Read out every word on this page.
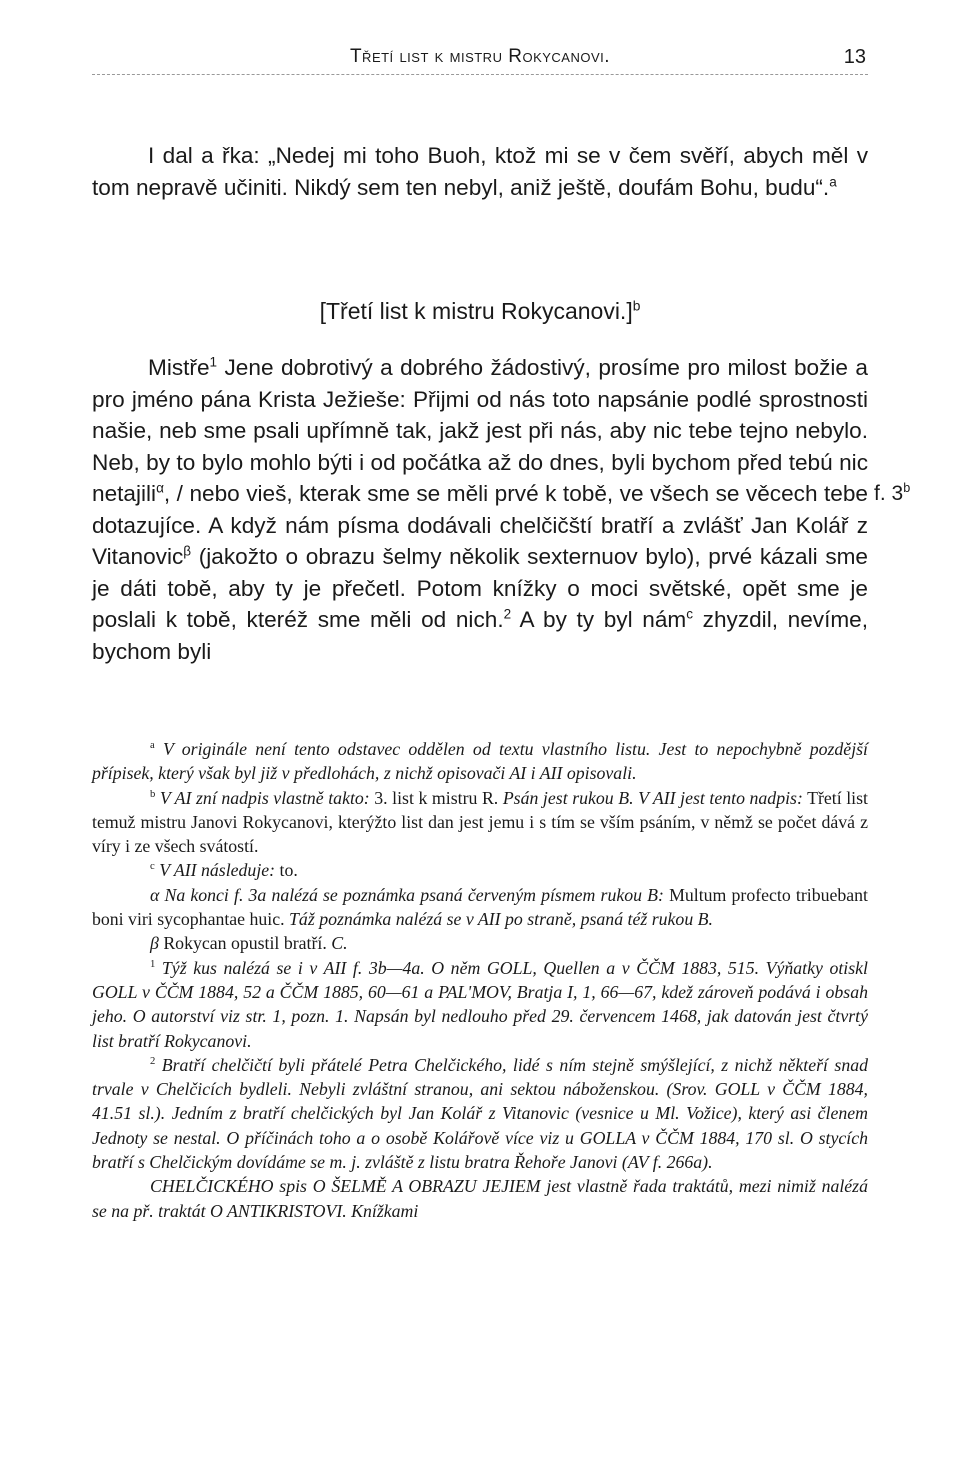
Třetí list k mistru Rokycanovi.	13
I dal a řka: „Nedej mi toho Buoh, ktož mi se v čem svěří, abych měl v tom nepravě učiniti. Nikdý sem ten nebyl, aniž ještě, doufám Bohu, budu“.$^a$
[Třetí list k mistru Rokycanovi.]$^b$
Mistře$^1$ Jene dobrotivý a dobrého žádostivý, prosíme pro milost božie a pro jméno pána Krista Ježieše: Přijmi od nás toto napsánie podlé sprostnosti našie, neb sme psali upřímně tak, jakž jest při nás, aby nic tebe tejno nebylo. Neb, by to bylo mohlo býti i od počátka až do dnes, byli bychom před tebú nic netajili$^\alpha$, / nebo vieš, kterak sme se měli prvé k tobě, ve všech se věcech tebe dotazujíce. A když nám písma dodávali chelčičští bratří a zvlášť Jan Kolář z Vitanovic$^\beta$ (jakožto o obrazu šelmy několik sexternuov bylo), prvé kázali sme je dáti tobě, aby ty je přečetl. Potom knížky o moci světské, opět sme je poslali k tobě, kteréž sme měli od nich.$^2$ A by ty byl nám$^c$ zhyzdil, nevíme, bychom byli
f. 3$^b$

$^a$ V originále není tento odstavec oddělen od textu vlastního listu. Jest to nepochybně pozdější přípisek, který však byl již v předlohách, z nichž opisovači AI i AII opisovali.

$^b$ V AI zní nadpis vlastně takto: 3. list k mistru R. Psán jest rukou B. V AII jest tento nadpis: Třetí list temuž mistru Janovi Rokycanovi, kterýžto list dan jest jemu i s tím se vším psáním, v němž se počet dává z víry i ze všech svátostí.

$^c$ V AII následuje: to.

α Na konci f. 3a nalézá se poznámka psaná červeným písmem rukou B: Multum profecto tribuebant boni viri sycophantae huic. Táž poznámka nalézá se v AII po straně, psaná též rukou B.

β Rokycan opustil bratří. C.

$^1$ Týž kus nalézá se i v AII f. 3b—4a. O něm GOLL, Quellen a v ČČM 1883, 515. Výňatky otiskl GOLL v ČČM 1884, 52 a ČČM 1885, 60—61 a PAL'MOV, Bratja I, 1, 66—67, kdež zároveň podává i obsah jeho. O autorství viz str. 1, pozn. 1. Napsán byl nedlouho před 29. červencem 1468, jak datován jest čtvrtý list bratří Rokycanovi.

$^2$ Bratří chelčičtí byli přátelé Petra Chelčického, lidé s ním stejně smýšlející, z nichž někteří snad trvale v Chelčicích bydleli. Nebyli zvláštní stranou, ani sektou náboženskou. (Srov. GOLL v ČČM 1884, 41.51 sl.). Jedním z bratří chelčických byl Jan Kolář z Vitanovic (vesnice u Ml. Vožice), který asi členem Jednoty se nestal. O příčinách toho a o osobě Kolářově více viz u GOLLA v ČČM 1884, 170 sl. O stycích bratří s Chelčickým dovídáme se m. j. zvláště z listu bratra Řehoře Janovi (AV f. 266a).

CHELČICKÉHO spis O ŠELMĚ A OBRAZU JEJIEM jest vlastně řada traktátů, mezi nimiž nalézá se na př. traktát O ANTIKRISTOVI. Knížkami
